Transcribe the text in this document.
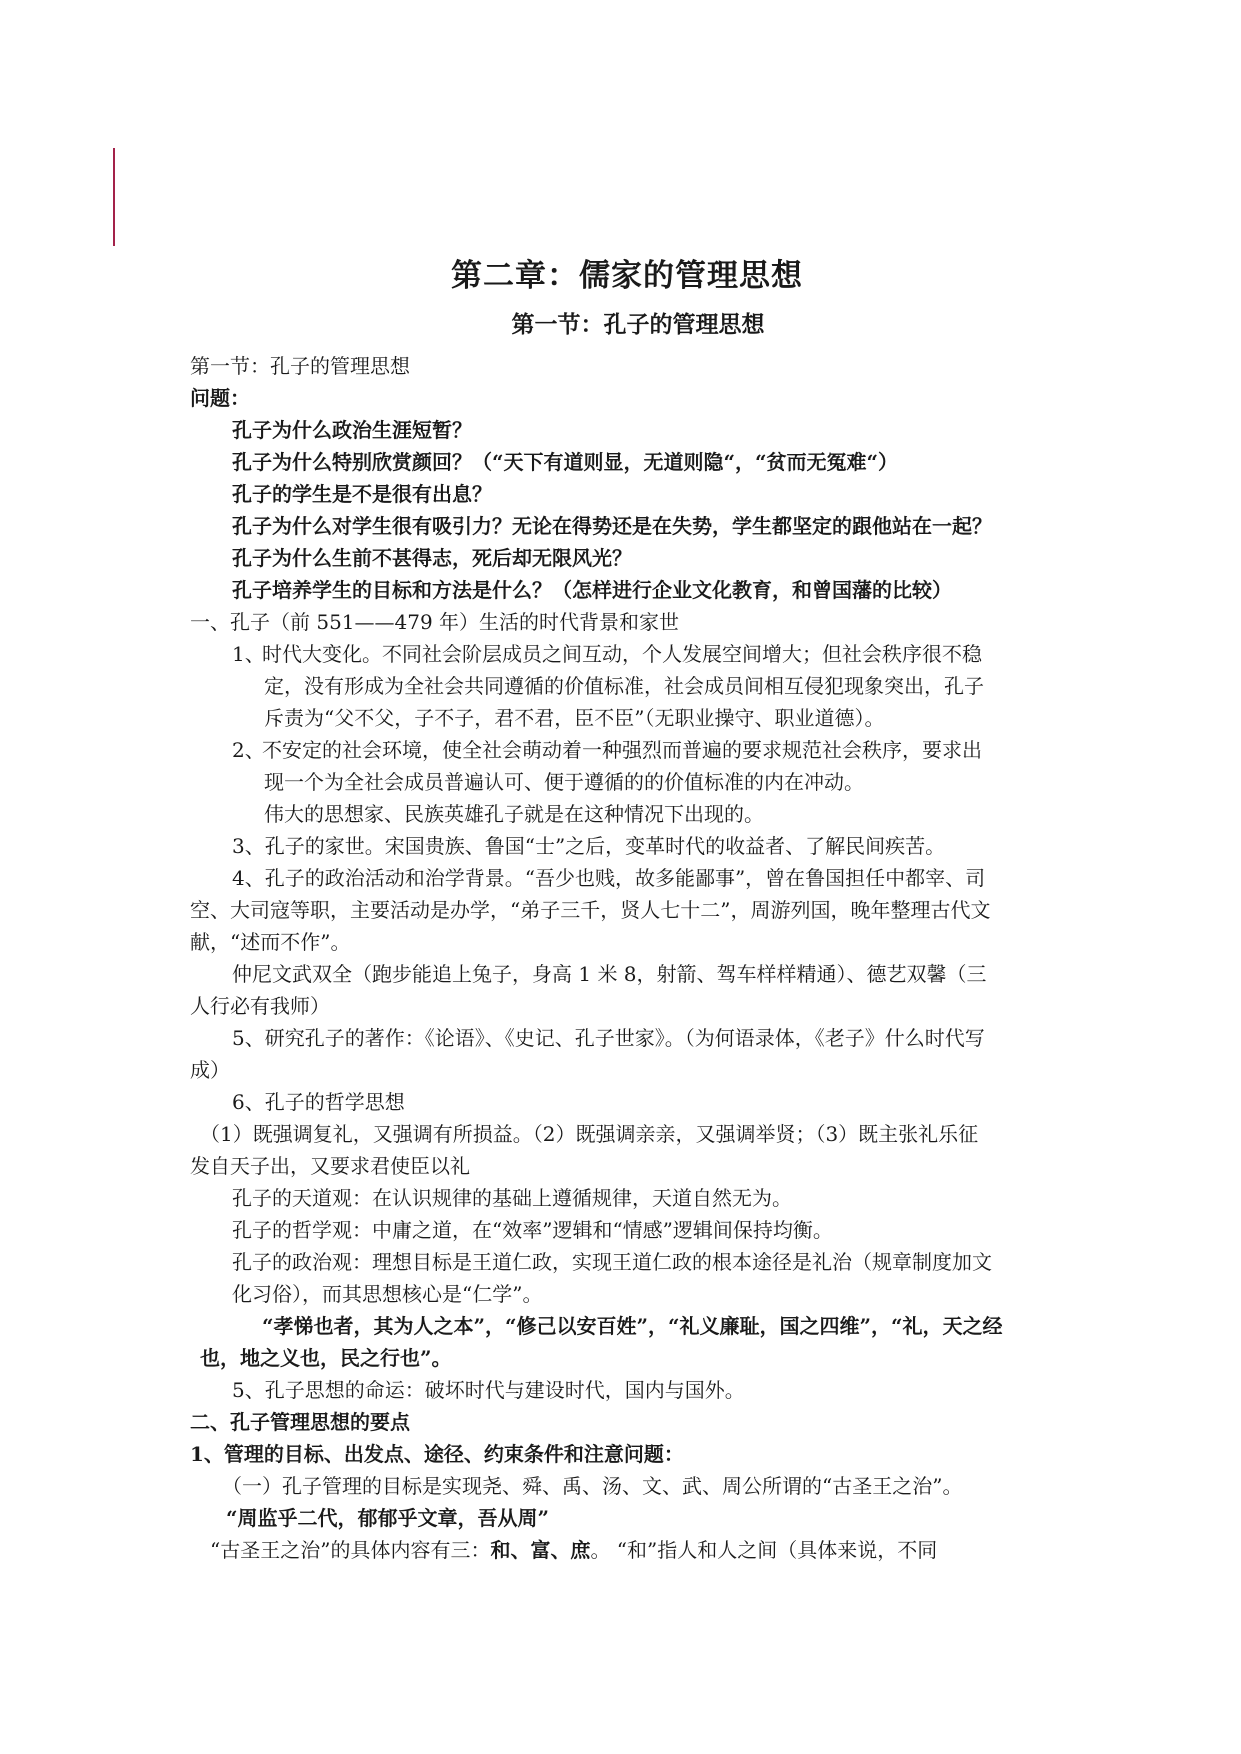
第二章：儒家的管理思想
第一节：孔子的管理思想

第一节：孔子的管理思想

问题：

孔子为什么政治生涯短暂？

孔子为什么特别欣赏颜回？（“天下有道则显，无道则隐“，“贫而无冤难“）

孔子的学生是不是很有出息？

孔子为什么对学生很有吸引力？无论在得势还是在失势，学生都坚定的跟他站在一起？

孔子为什么生前不甚得志，死后却无限风光？

孔子培养学生的目标和方法是什么？（怎样进行企业文化教育，和曾国藩的比较）

一、孔子（前 551——479 年）生活的时代背景和家世

1、时代大变化。不同社会阶层成员之间互动，个人发展空间增大；但社会秩序很不稳

定，没有形成为全社会共同遵循的价值标准，社会成员间相互侵犯现象突出，孔子

斥责为“父不父，子不子，君不君，臣不臣”（无职业操守、职业道德）。

2、不安定的社会环境，使全社会萌动着一种强烈而普遍的要求规范社会秩序，要求出

现一个为全社会成员普遍认可、便于遵循的的价值标准的内在冲动。

伟大的思想家、民族英雄孔子就是在这种情况下出现的。

3、孔子的家世。宋国贵族、鲁国“士”之后，变革时代的收益者、了解民间疾苦。

4、孔子的政治活动和治学背景。“吾少也贱，故多能鄙事”，曾在鲁国担任中都宰、司

空、大司寇等职，主要活动是办学，“弟子三千，贤人七十二”，周游列国，晚年整理古代文

献，“述而不作”。

仲尼文武双全（跑步能追上兔子，身高 1 米 8，射箭、驾车样样精通）、德艺双馨（三

人行必有我师）

5、研究孔子的著作：《论语》、《史记、孔子世家》。（为何语录体，《老子》什么时代写

成）

6、孔子的哲学思想

（1）既强调复礼，又强调有所损益。（2）既强调亲亲，又强调举贤；（3）既主张礼乐征

发自天子出，又要求君使臣以礼

孔子的天道观：在认识规律的基础上遵循规律，天道自然无为。

孔子的哲学观：中庸之道，在“效率”逻辑和“情感”逻辑间保持均衡。

孔子的政治观：理想目标是王道仁政，实现王道仁政的根本途径是礼治（规章制度加文

化习俗），而其思想核心是“仁学”。

“孝悌也者，其为人之本”，“修己以安百姓”，“礼义廉耻，国之四维”，“礼，天之经

也，地之义也，民之行也”。

5、孔子思想的命运：破坏时代与建设时代，国内与国外。

二、孔子管理思想的要点

1、管理的目标、出发点、途径、约束条件和注意问题：

（一）孔子管理的目标是实现尧、舜、禹、汤、文、武、周公所谓的“古圣王之治”。

“周监乎二代，郁郁乎文章，吾从周”

“古圣王之治”的具体内容有三：和、富、庶。 “和”指人和人之间（具体来说，不同
